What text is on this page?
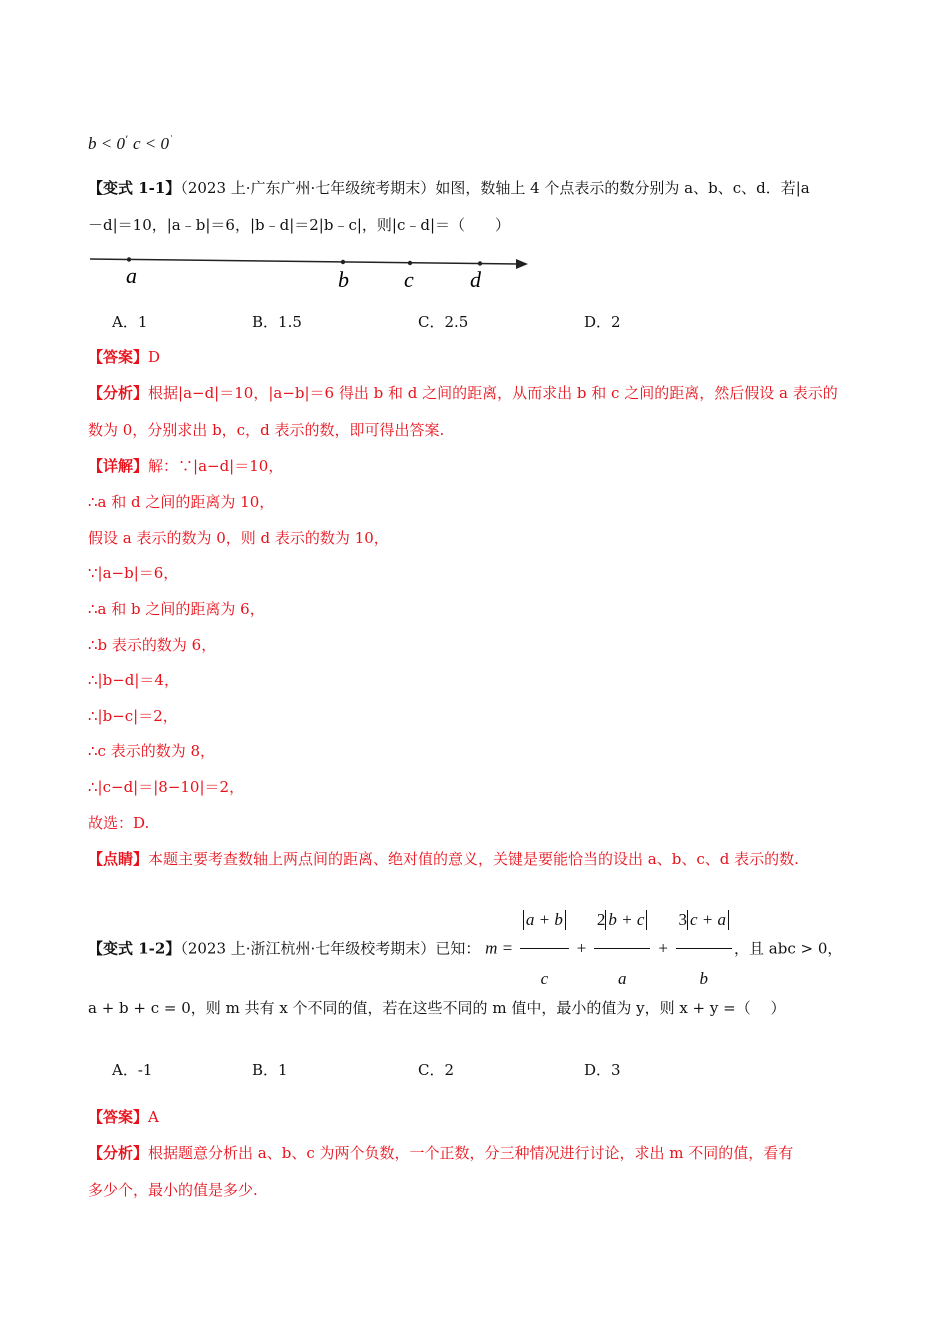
b < 0’ c < 0˙
【变式 1-1】（2023 上·广东广州·七年级统考期末）如图，数轴上 4 个点表示的数分别为 a、b、c、d．若|a
－d|＝10，|a﹣b|＝6，|b﹣d|＝2|b﹣c|，则|c﹣d|＝（　　）
a	b	c	d
A．1	B．1.5	C．2.5	D．2
【答案】D
【分析】根据|a−d|＝10，|a−b|＝6 得出 b 和 d 之间的距离，从而求出 b 和 c 之间的距离，然后假设 a 表示的
数为 0，分别求出 b，c，d 表示的数，即可得出答案.
【详解】解：∵|a−d|＝10，
∴a 和 d 之间的距离为 10，
假设 a 表示的数为 0，则 d 表示的数为 10，
∵|a−b|＝6，
∴a 和 b 之间的距离为 6，
∴b 表示的数为 6，
∴|b−d|＝4，
∴|b−c|＝2，
∴c 表示的数为 8，
∴|c−d|＝|8−10|＝2，
故选：D.
【点睛】本题主要考查数轴上两点间的距离、绝对值的意义，关键是要能恰当的设出 a、b、c、d 表示的数.
【变式 1-2】（2023 上·浙江杭州·七年级校考期末）已知： $m = \frac{a + b}{c} + \frac{2 b + c}{a} + \frac{3 c + a}{b}$ ，且 abc > 0，
a + b + c = 0，则 m 共有 x 个不同的值，若在这些不同的 m 值中，最小的值为 y，则 x + y =（　 ）
A．-1	B．1	C．2	D．3
【答案】A
【分析】根据题意分析出 a、b、c 为两个负数，一个正数，分三种情况进行讨论，求出 m 不同的值，看有
多少个，最小的值是多少.
